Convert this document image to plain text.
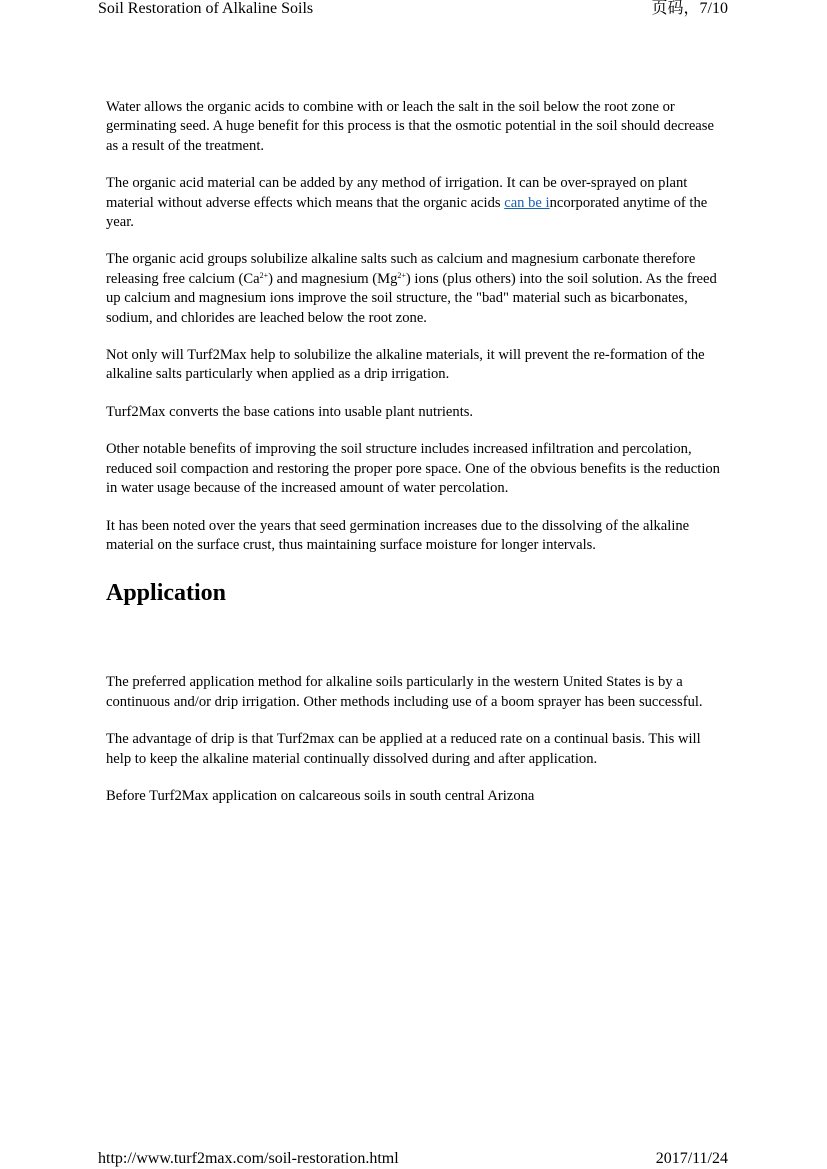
Soil Restoration of Alkaline Soils	页码，7/10

Water allows the organic acids to combine with or leach the salt in the soil below the root zone or germinating seed. A huge benefit for this process is that the osmotic potential in the soil should decrease as a result of the treatment.

The organic acid material can be added by any method of irrigation. It can be over-sprayed on plant material without adverse effects which means that the organic acids can be incorporated anytime of the year.

The organic acid groups solubilize alkaline salts such as calcium and magnesium carbonate therefore releasing free calcium $(Ca^{2+})$ and magnesium $(Mg^{2+})$ ions (plus others) into the soil solution. As the freed up calcium and magnesium ions improve the soil structure, the "bad" material such as bicarbonates, sodium, and chlorides are leached below the root zone.

Not only will Turf2Max help to solubilize the alkaline materials, it will prevent the re-formation of the alkaline salts particularly when applied as a drip irrigation.

Turf2Max converts the base cations into usable plant nutrients.

Other notable benefits of improving the soil structure includes increased infiltration and percolation, reduced soil compaction and restoring the proper pore space. One of the obvious benefits is the reduction in water usage because of the increased amount of water percolation.

It has been noted over the years that seed germination increases due to the dissolving of the alkaline material on the surface crust, thus maintaining surface moisture for longer intervals.

Application

The preferred application method for alkaline soils particularly in the western United States is by a continuous and/or drip irrigation. Other methods including use of a boom sprayer has been successful.

The advantage of drip is that Turf2max can be applied at a reduced rate on a continual basis. This will help to keep the alkaline material continually dissolved during and after application.

Before Turf2Max application on calcareous soils in south central Arizona

http://www.turf2max.com/soil-restoration.html	2017/11/24
